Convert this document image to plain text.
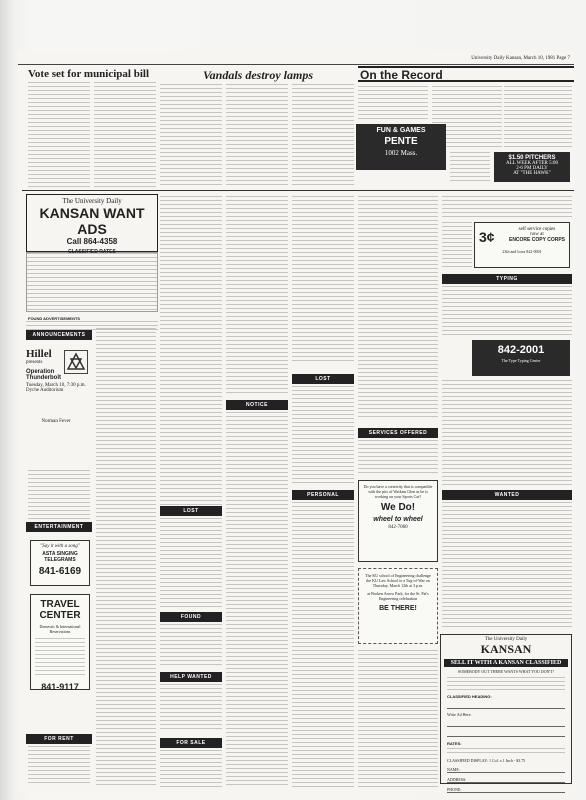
University Daily Kansan, March 10, 1981 Page 7
Vote set for municipal bill	Vandals destroy lamps	On the Record
FUN & GAMES
PENTE
1002 Mass.
$1.50 PITCHERS
ALL WEEK AFTER 5:00
2-6 PM DAILY
AT "THE HAWK"
The University Daily
KANSAN WANT ADS
Call 864-4358
CLASSIFIED RATES
FOUND ADVERTISEMENTS
ANNOUNCEMENTS
Hillel
presents
Operation Thunderbolt
Tuesday, March 10, 7:30 p.m.
Dyche Auditorium
Norman Fever
ENTERTAINMENT
"Say it with a song"
ASTA SINGING TELEGRAMS
841-6169
TRAVEL CENTER
Domestic & International Reservations
841-9117
FOR RENT
LOST
FOUND
HELP WANTED
FOR SALE
NOTICE
LOST
PERSONAL
SERVICES OFFERED
Do you have a creativity that is compatible with the pits of Watkins Glen as he is working on your Sports Car?
We Do!
wheel to wheel
842-7060
The KU school of Engineering challenge the KU Law School to a Tug-of-War on Thursday, March 12th at 3 p.m.
at Broken Arrow Park, for the St. Pat's Engineering celebration
BE THERE!
3¢	self service copies
now at
ENCORE COPY CORPS
23th and Iowa 842-0001
TYPING
842-2001
The Type Typing Center
WANTED
The University Daily
KANSAN
SELL IT WITH A KANSAN CLASSIFIED
SOMEBODY OUT THERE WANTS WHAT YOU DON'T!
CLASSIFIED HEADING:
Write Ad Here:
RATES:
CLASSIFIED DISPLAY: 1 Col. x 1 Inch - $3.75
NAME:
ADDRESS:
PHONE:
